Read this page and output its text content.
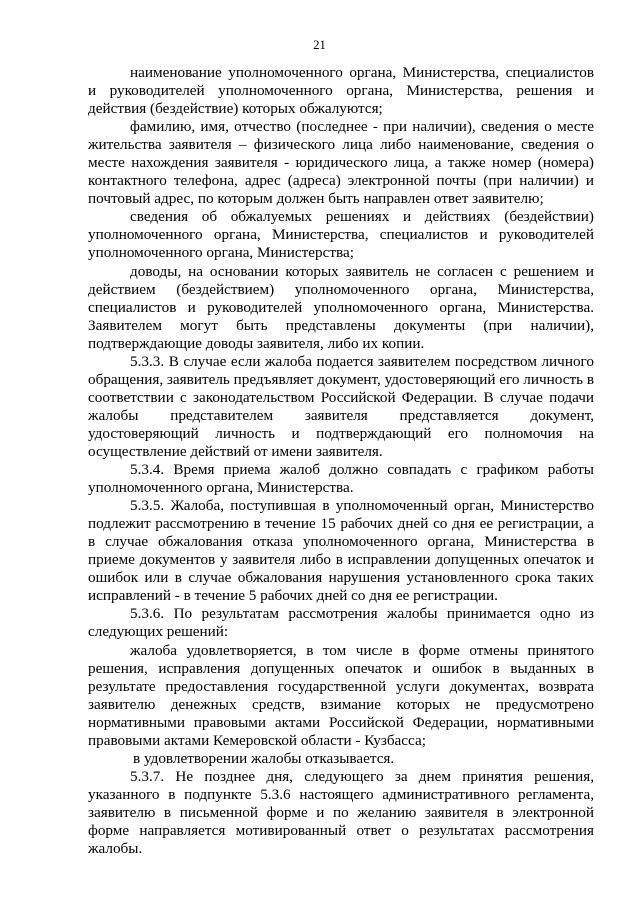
21

наименование уполномоченного органа, Министерства, специалистов и руководителей уполномоченного органа, Министерства, решения и действия (бездействие) которых обжалуются;

фамилию, имя, отчество (последнее - при наличии), сведения о месте жительства заявителя – физического лица либо наименование, сведения о месте нахождения заявителя - юридического лица, а также номер (номера) контактного телефона, адрес (адреса) электронной почты (при наличии) и почтовый адрес, по которым должен быть направлен ответ заявителю;

сведения об обжалуемых решениях и действиях (бездействии) уполномоченного органа, Министерства, специалистов и руководителей уполномоченного органа, Министерства;

доводы, на основании которых заявитель не согласен с решением и действием (бездействием) уполномоченного органа, Министерства, специалистов и руководителей уполномоченного органа, Министерства. Заявителем могут быть представлены документы (при наличии), подтверждающие доводы заявителя, либо их копии.

5.3.3. В случае если жалоба подается заявителем посредством личного обращения, заявитель предъявляет документ, удостоверяющий его личность в соответствии с законодательством Российской Федерации. В случае подачи жалобы представителем заявителя представляется документ, удостоверяющий личность и подтверждающий его полномочия на осуществление действий от имени заявителя.

5.3.4. Время приема жалоб должно совпадать с графиком работы уполномоченного органа, Министерства.

5.3.5. Жалоба, поступившая в уполномоченный орган, Министерство подлежит рассмотрению в течение 15 рабочих дней со дня ее регистрации, а в случае обжалования отказа уполномоченного органа, Министерства в приеме документов у заявителя либо в исправлении допущенных опечаток и ошибок или в случае обжалования нарушения установленного срока таких исправлений - в течение 5 рабочих дней со дня ее регистрации.

5.3.6. По результатам рассмотрения жалобы принимается одно из следующих решений:

жалоба удовлетворяется, в том числе в форме отмены принятого решения, исправления допущенных опечаток и ошибок в выданных в результате предоставления государственной услуги документах, возврата заявителю денежных средств, взимание которых не предусмотрено нормативными правовыми актами Российской Федерации, нормативными правовыми актами Кемеровской области - Кузбасса;

в удовлетворении жалобы отказывается.

5.3.7. Не позднее дня, следующего за днем принятия решения, указанного в подпункте 5.3.6 настоящего административного регламента, заявителю в письменной форме и по желанию заявителя в электронной форме направляется мотивированный ответ о результатах рассмотрения жалобы.
